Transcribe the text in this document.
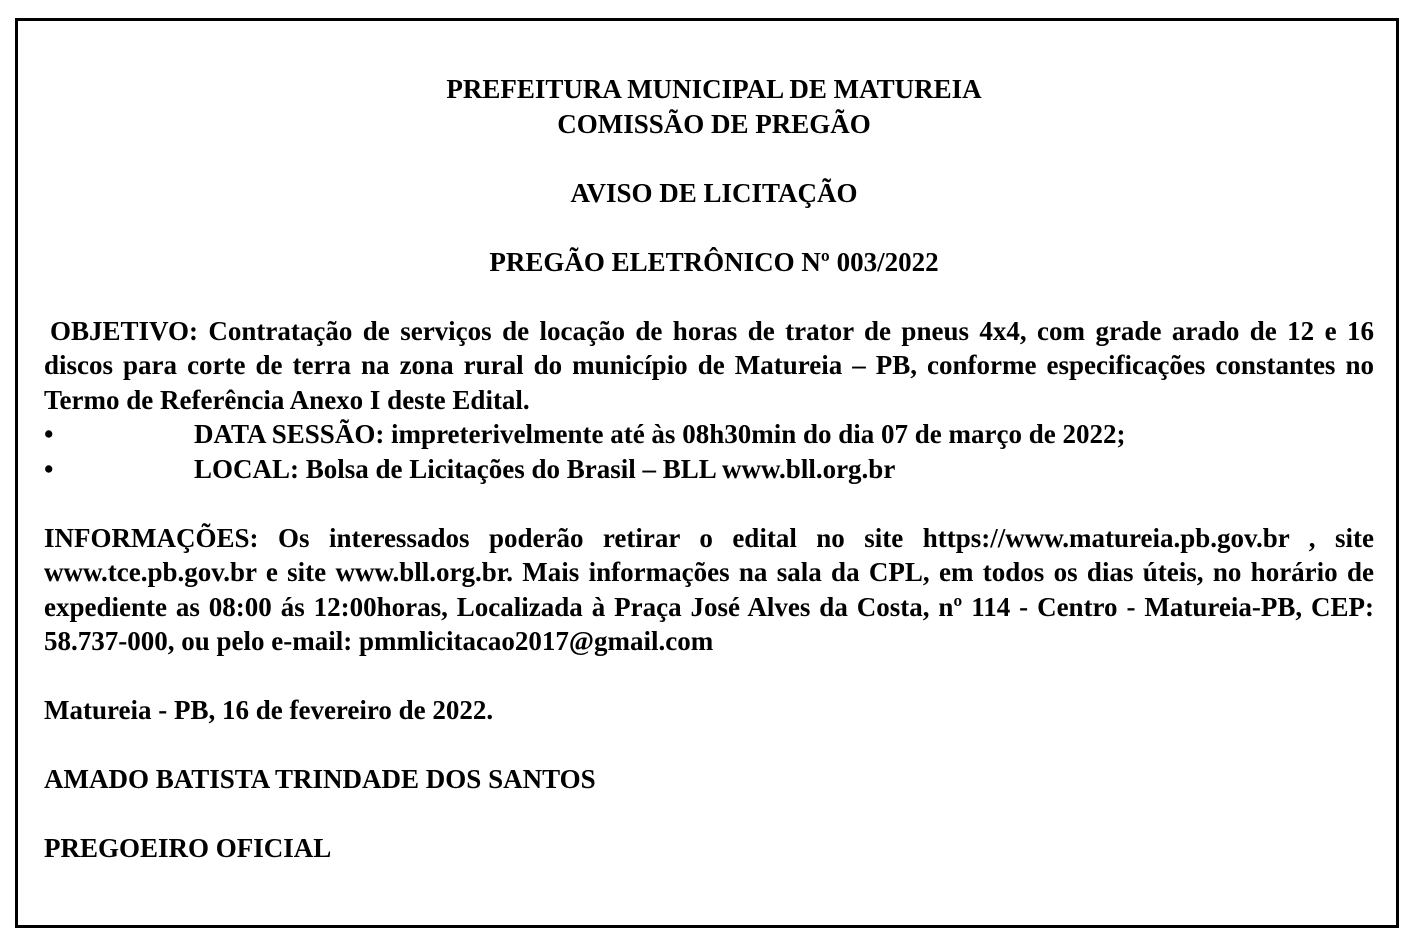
PREFEITURA MUNICIPAL DE MATUREIA

COMISSÃO DE PREGÃO

AVISO DE LICITAÇÃO

PREGÃO ELETRÔNICO Nº 003/2022

OBJETIVO: Contratação de serviços de locação de horas de trator de pneus 4x4, com grade arado de 12 e 16 discos para corte de terra na zona rural do município de Matureia – PB, conforme especificações constantes no Termo de Referência Anexo I deste Edital.

•	DATA SESSÃO: impreterivelmente até às 08h30min do dia 07 de março de 2022;
•	LOCAL: Bolsa de Licitações do Brasil – BLL www.bll.org.br

INFORMAÇÕES: Os interessados poderão retirar o edital no site https://www.matureia.pb.gov.br , site www.tce.pb.gov.br e site www.bll.org.br. Mais informações na sala da CPL, em todos os dias úteis, no horário de expediente as 08:00 ás 12:00horas, Localizada à Praça José Alves da Costa, nº 114 - Centro - Matureia-PB, CEP: 58.737-000, ou pelo e-mail: pmmlicitacao2017@gmail.com

Matureia - PB, 16 de fevereiro de 2022.

AMADO BATISTA TRINDADE DOS SANTOS

PREGOEIRO OFICIAL
